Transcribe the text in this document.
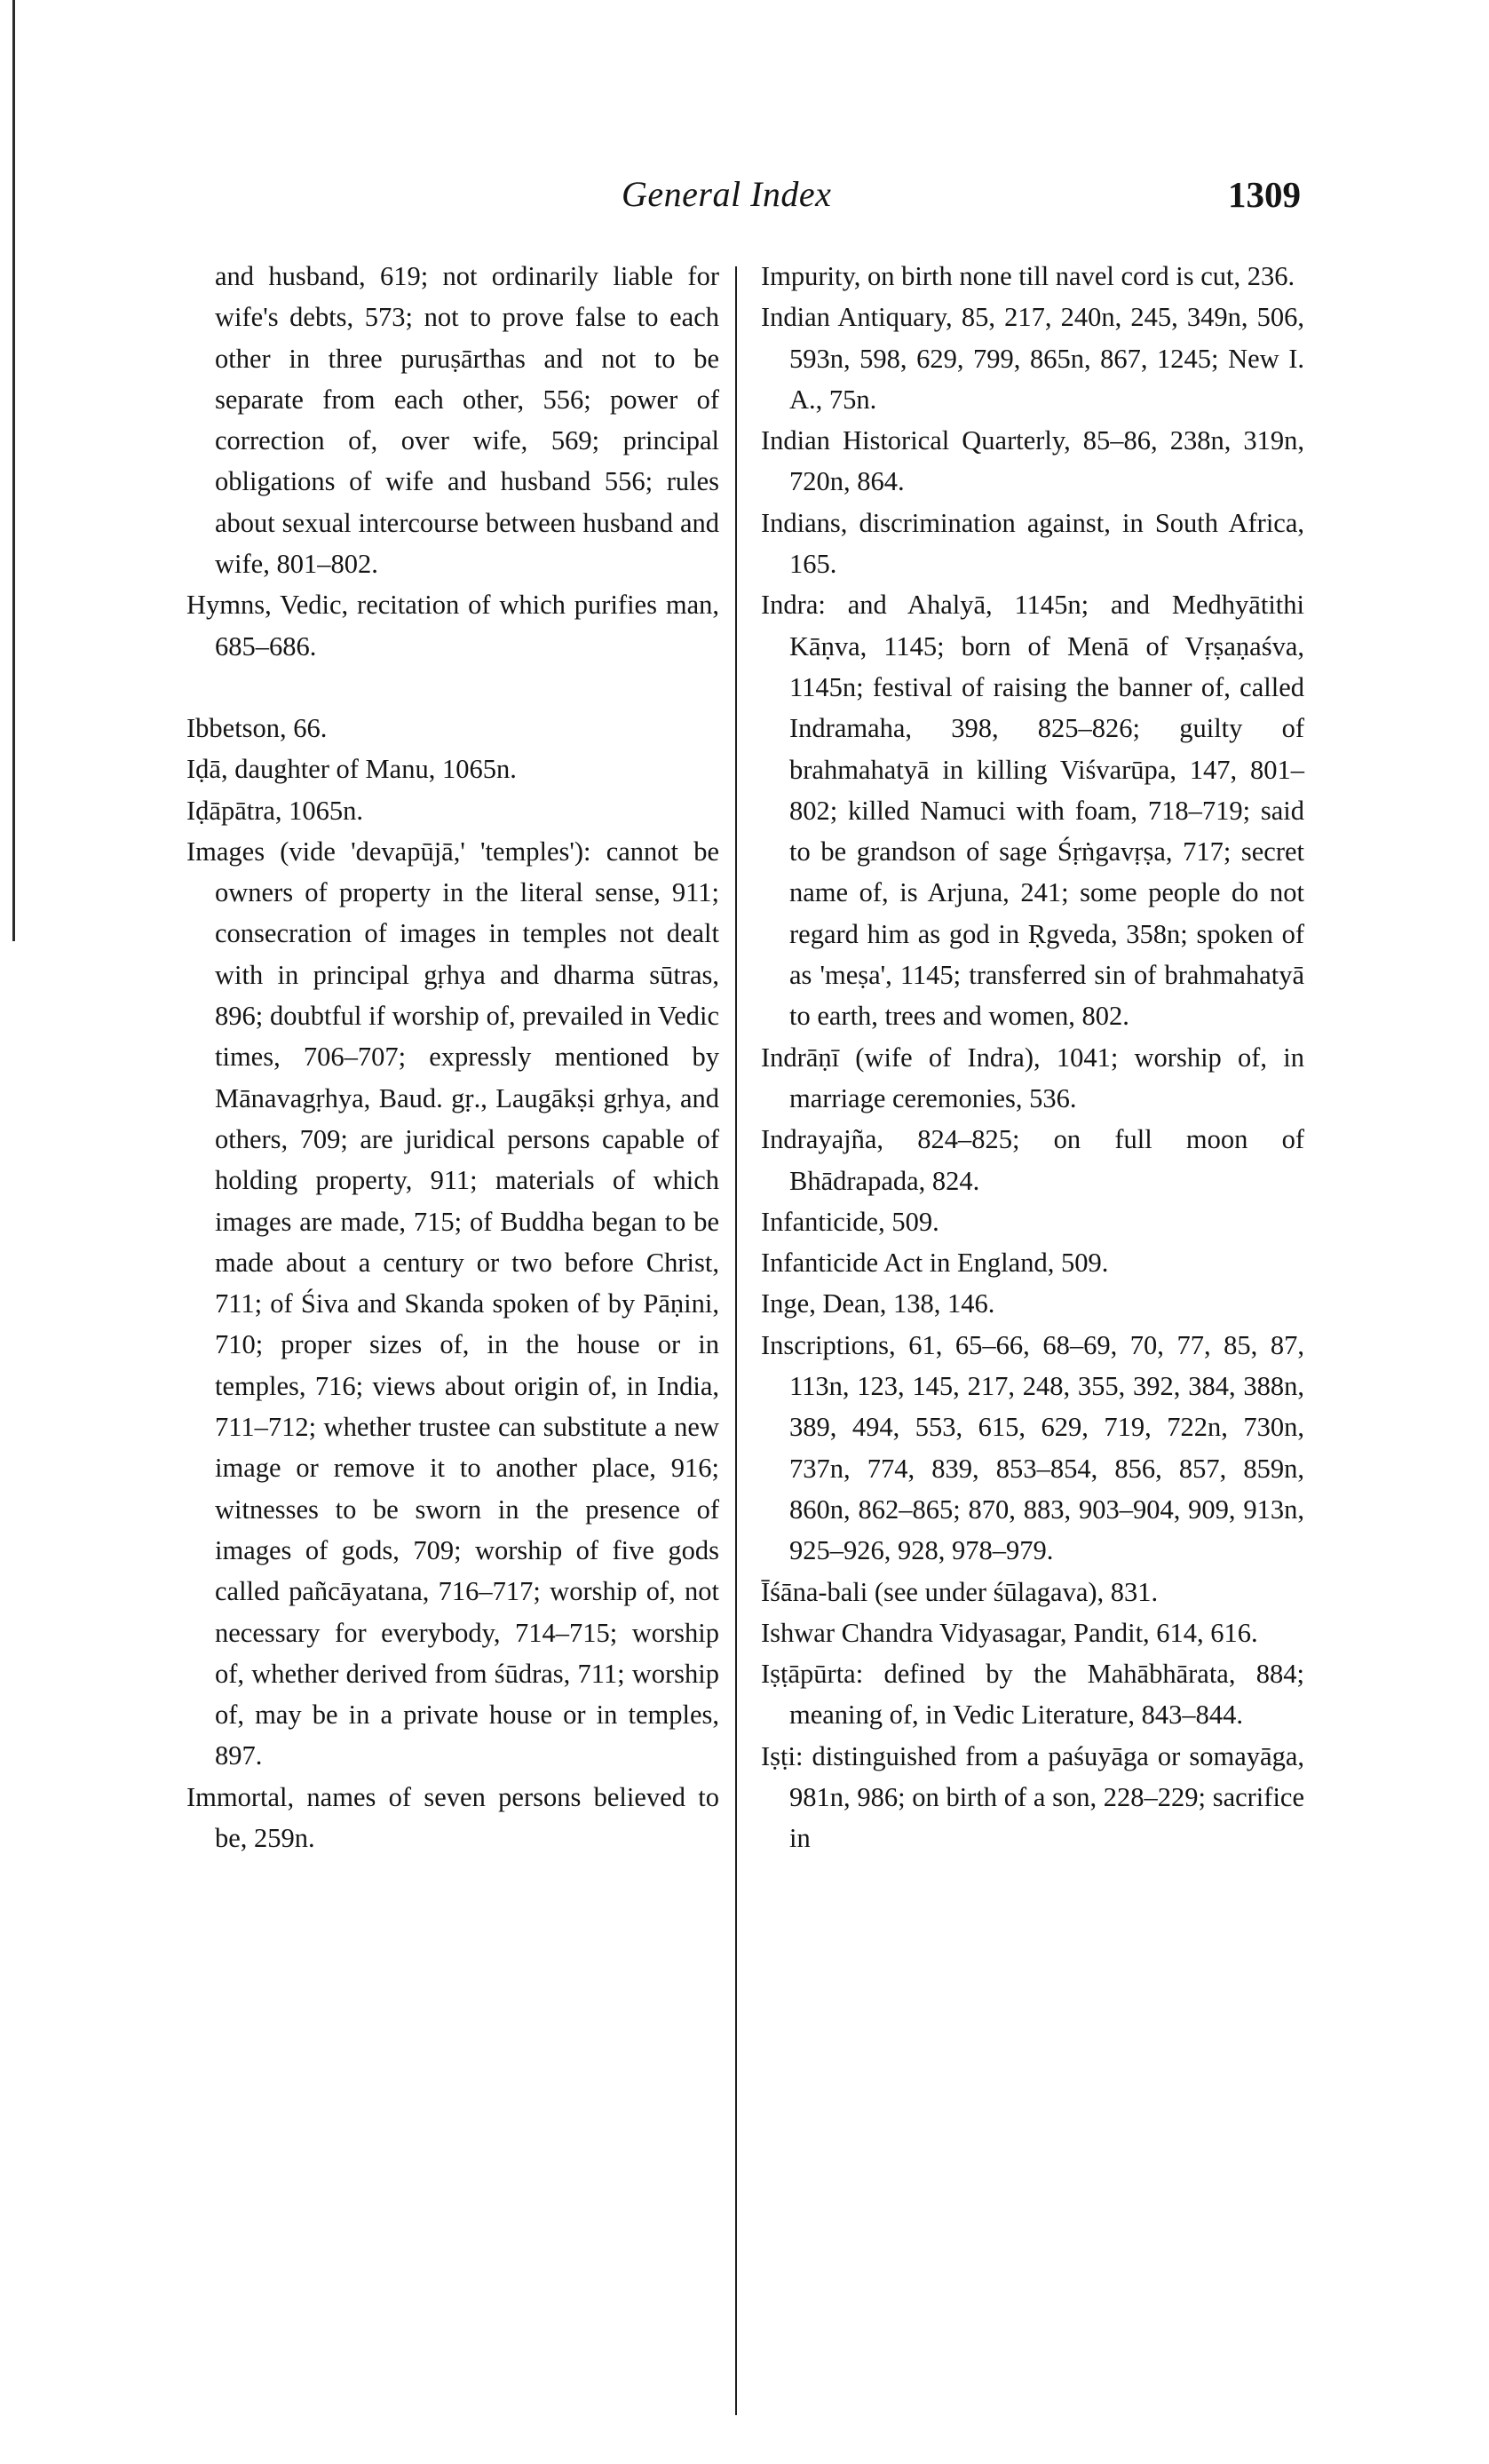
General Index	1309

and husband, 619; not ordinarily liable for wife's debts, 573; not to prove false to each other in three puruṣārthas and not to be separate from each other, 556; power of correction of, over wife, 569; principal obligations of wife and husband 556; rules about sexual intercourse between husband and wife, 801–802.

Hymns, Vedic, recitation of which purifies man, 685–686.

Ibbetson, 66.

Iḍā, daughter of Manu, 1065n.

Iḍāpātra, 1065n.

Images (vide 'devapūjā,' 'temples'): cannot be owners of property in the literal sense, 911; consecration of images in temples not dealt with in principal gṛhya and dharma sūtras, 896; doubtful if worship of, prevailed in Vedic times, 706–707; expressly mentioned by Mānavagṛhya, Baud. gṛ., Laugākṣi gṛhya, and others, 709; are juridical persons capable of holding property, 911; materials of which images are made, 715; of Buddha began to be made about a century or two before Christ, 711; of Śiva and Skanda spoken of by Pāṇini, 710; proper sizes of, in the house or in temples, 716; views about origin of, in India, 711–712; whether trustee can substitute a new image or remove it to another place, 916; witnesses to be sworn in the presence of images of gods, 709; worship of five gods called pañcāyatana, 716–717; worship of, not necessary for everybody, 714–715; worship of, whether derived from śūdras, 711; worship of, may be in a private house or in temples, 897.

Immortal, names of seven persons believed to be, 259n.

Impurity, on birth none till navel cord is cut, 236.

Indian Antiquary, 85, 217, 240n, 245, 349n, 506, 593n, 598, 629, 799, 865n, 867, 1245; New I. A., 75n.

Indian Historical Quarterly, 85–86, 238n, 319n, 720n, 864.

Indians, discrimination against, in South Africa, 165.

Indra: and Ahalyā, 1145n; and Medhyātithi Kāṇva, 1145; born of Menā of Vṛṣaṇaśva, 1145n; festival of raising the banner of, called Indramaha, 398, 825–826; guilty of brahmahatyā in killing Viśvarūpa, 147, 801–802; killed Namuci with foam, 718–719; said to be grandson of sage Śṛṅgavṛṣa, 717; secret name of, is Arjuna, 241; some people do not regard him as god in Ṛgveda, 358n; spoken of as 'meṣa', 1145; transferred sin of brahmahatyā to earth, trees and women, 802.

Indrāṇī (wife of Indra), 1041; worship of, in marriage ceremonies, 536.

Indrayajña, 824–825; on full moon of Bhādrapada, 824.

Infanticide, 509.

Infanticide Act in England, 509.

Inge, Dean, 138, 146.

Inscriptions, 61, 65–66, 68–69, 70, 77, 85, 87, 113n, 123, 145, 217, 248, 355, 392, 384, 388n, 389, 494, 553, 615, 629, 719, 722n, 730n, 737n, 774, 839, 853–854, 856, 857, 859n, 860n, 862–865; 870, 883, 903–904, 909, 913n, 925–926, 928, 978–979.

Īśāna-bali (see under śūlagava), 831.

Ishwar Chandra Vidyasagar, Pandit, 614, 616.

Iṣṭāpūrta: defined by the Mahābhārata, 884; meaning of, in Vedic Literature, 843–844.

Iṣṭi: distinguished from a paśuyāga or somayāga, 981n, 986; on birth of a son, 228–229; sacrifice in
